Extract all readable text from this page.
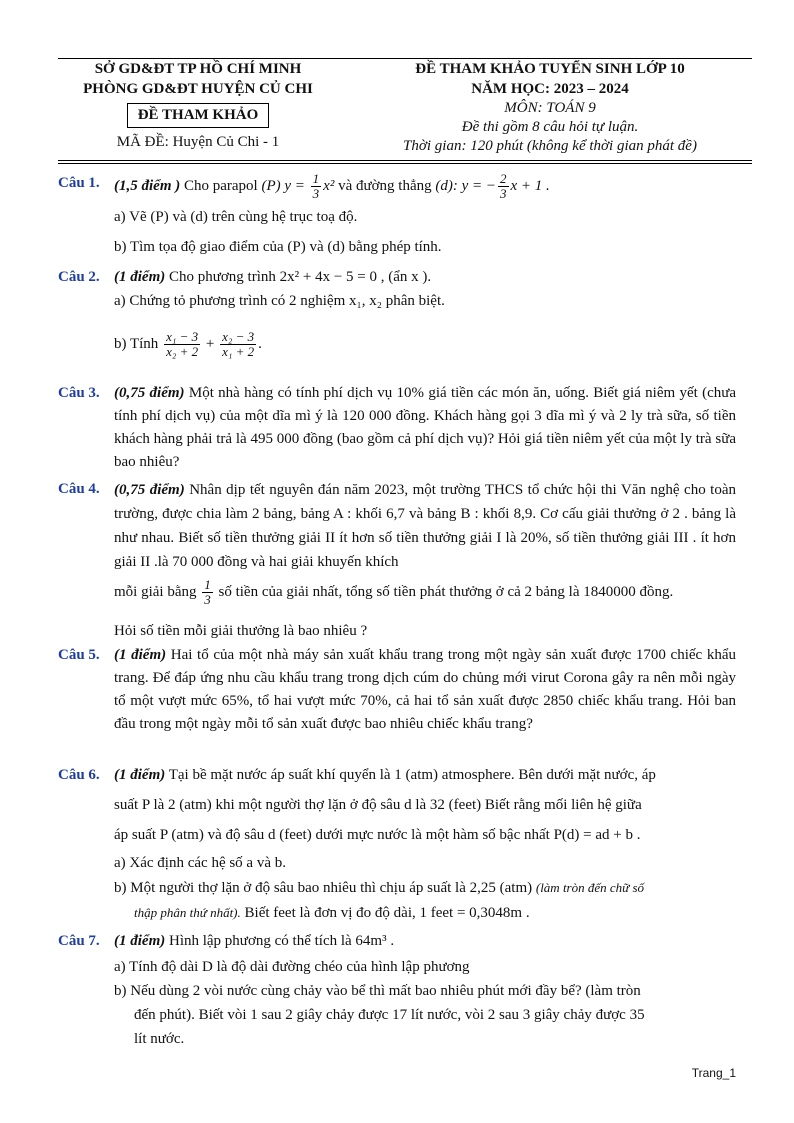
SỞ GD&ĐT TP HỒ CHÍ MINH
PHÒNG GD&ĐT HUYỆN CỦ CHI
ĐỀ THAM KHẢO
MÃ ĐỀ: Huyện Củ Chi - 1
ĐỀ THAM KHẢO TUYỂN SINH LỚP 10
NĂM HỌC: 2023 – 2024
MÔN: TOÁN 9
Đề thi gồm 8 câu hỏi tự luận.
Thời gian: 120 phút (không kể thời gian phát đề)
Câu 1. (1,5 điểm ) Cho parapol (P) $y = \frac{1}{3} x^2$ và đường thẳng (d): y = − $\frac{2}{3}$ x + 1 .
a) Vẽ (P) và (d) trên cùng hệ trục toạ độ.
b) Tìm tọa độ giao điểm của (P) và (d) bằng phép tính.
Câu 2. (1 điểm) Cho phương trình 2x² + 4x − 5 = 0 , (ẩn x ).
a) Chứng tỏ phương trình có 2 nghiệm x₁, x₂ phân biệt.
b) Tính $\frac{\text{x₁ − 3}}{\text{x₂ + 2}} + \frac{\text{x₂ − 3}}{\text{x₁ + 2}}$ .
Câu 3. (0,75 điểm) Một nhà hàng có tính phí dịch vụ 10% giá tiền các món ăn, uống. Biết giá niêm yết (chưa tính phí dịch vụ) của một dĩa mì ý là 120 000 đồng. Khách hàng gọi 3 dĩa mì ý và 2 ly trà sữa, số tiền khách hàng phải trả là 495 000 đồng (bao gồm cả phí dịch vụ)? Hỏi giá tiền niêm yết của một ly trà sữa bao nhiêu?
Câu 4. (0,75 điểm) Nhân dịp tết nguyên đán năm 2023, một trường THCS tổ chức hội thi Văn nghệ cho toàn trường, được chia làm 2 bảng, bảng A : khối 6,7 và bảng B : khối 8,9. Cơ cấu giải thưởng ở 2 . bảng là như nhau. Biết số tiền thưởng giải II ít hơn số tiền thưởng giải I là 20%, số tiền thưởng giải III . ít hơn giải II .là 70 000 đồng và hai giải khuyến khích
mỗi giải bằng $\frac{1}{3}$ số tiền của giải nhất, tổng số tiền phát thưởng ở cả 2 bảng là 1840000 đồng.
Hỏi số tiền mỗi giải thưởng là bao nhiêu ?
Câu 5. (1 điểm) Hai tổ của một nhà máy sản xuất khẩu trang trong một ngày sản xuất được 1700 chiếc khẩu trang. Để đáp ứng nhu cầu khẩu trang trong dịch cúm do chủng mới virut Corona gây ra nên mỗi ngày tổ một vượt mức 65%, tổ hai vượt mức 70%, cả hai tổ sản xuất được 2850 chiếc khẩu trang. Hỏi ban đầu trong một ngày mỗi tổ sản xuất được bao nhiêu chiếc khẩu trang?
Câu 6. (1 điểm) Tại bề mặt nước áp suất khí quyển là 1 (atm) atmosphere. Bên dưới mặt nước, áp
suất P là 2 (atm) khi một người thợ lặn ở độ sâu d là 32 (feet) Biết rằng mối liên hệ giữa
áp suất P (atm) và độ sâu d (feet) dưới mực nước là một hàm số bậc nhất P(d) = ad + b .
a) Xác định các hệ số a và b.
b) Một người thợ lặn ở độ sâu bao nhiêu thì chịu áp suất là 2,25 (atm) (làm tròn đến chữ số
thập phân thứ nhất). Biết feet là đơn vị đo độ dài, 1 feet = 0,3048m .
Câu 7. (1 điểm) Hình lập phương có thể tích là 64m³ .
a) Tính độ dài D là độ dài đường chéo của hình lập phương
b) Nếu dùng 2 vòi nước cùng chảy vào bể thì mất bao nhiêu phút mới đầy bể? (làm tròn
đến phút). Biết vòi 1 sau 2 giây chảy được 17 lít nước, vòi 2 sau 3 giây chảy được 35
lít nước.
Trang_1
